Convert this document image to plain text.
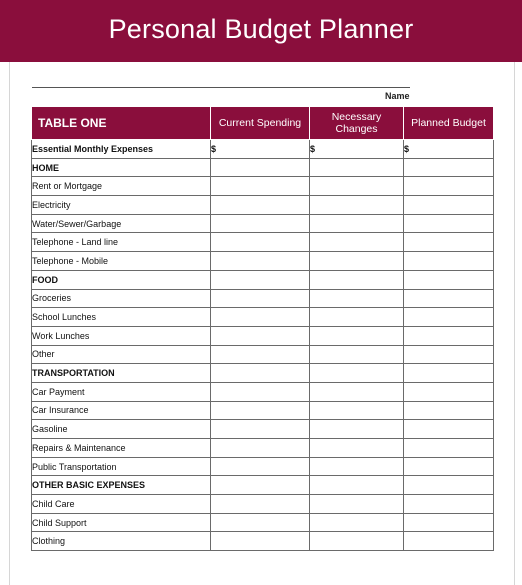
Personal Budget Planner
Name
TABLE ONE	Current Spending	Necessary Changes	Planned Budget
Essential Monthly Expenses	$	$	$
HOME			
Rent or Mortgage			
Electricity			
Water/Sewer/Garbage			
Telephone - Land line			
Telephone - Mobile			
FOOD			
Groceries			
School Lunches			
Work Lunches			
Other			
TRANSPORTATION			
Car Payment			
Car Insurance			
Gasoline			
Repairs & Maintenance			
Public Transportation			
OTHER BASIC EXPENSES			
Child Care			
Child Support			
Clothing			
